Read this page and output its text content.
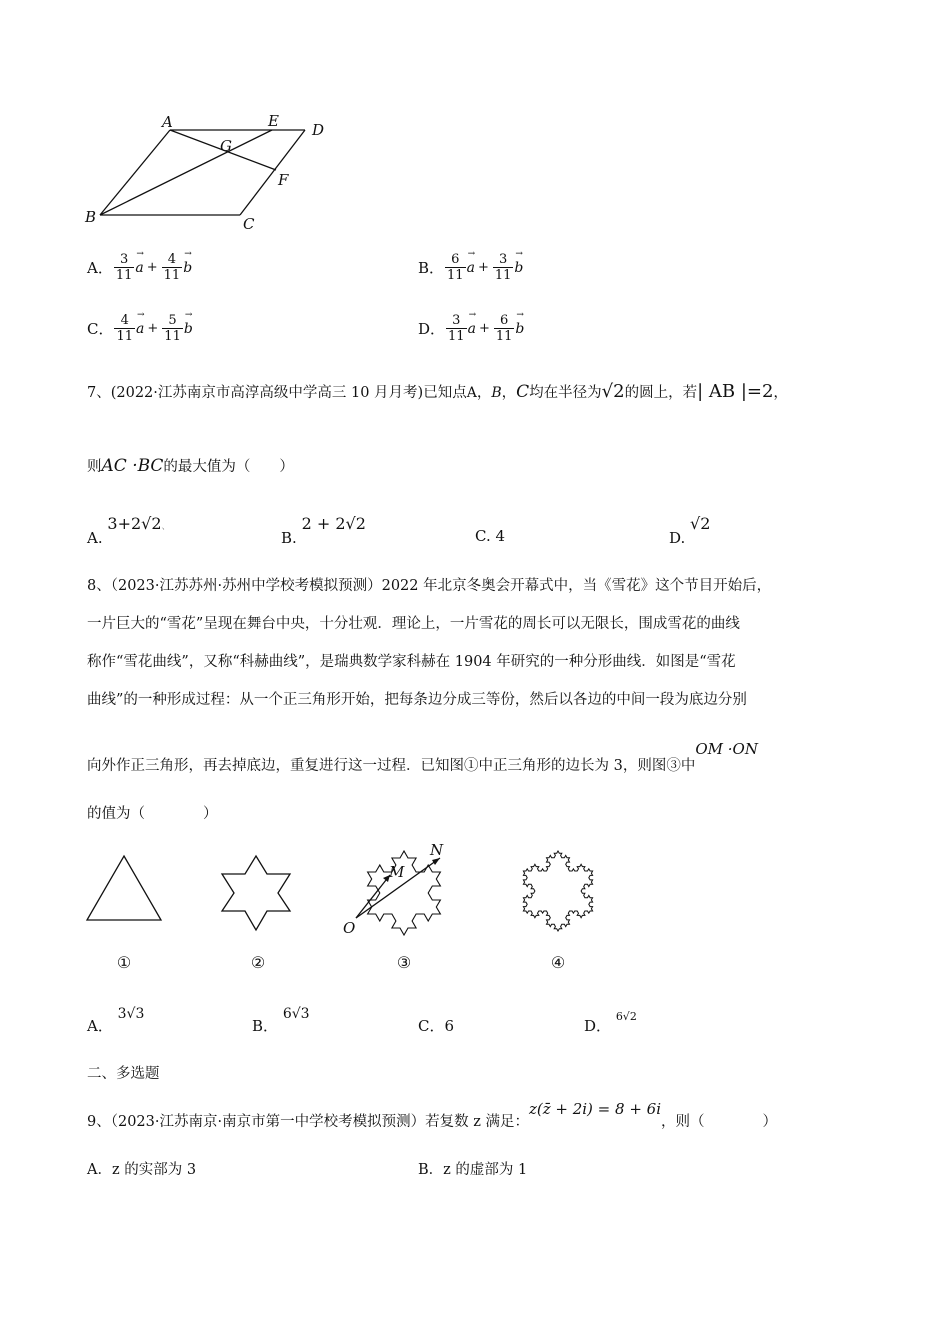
A	E D
G
F
B	C
A． $\frac{3}{11} \to a + \frac{4}{11} \to b$	B． $\frac{6}{11} \to a + \frac{3}{11} \to b$
C． $\frac{4}{11} \to a + \frac{5}{11} \to b$	D． $\frac{3}{11} \to a + \frac{6}{11} \to b$
7、(2022·江苏南京市高淳高级中学高三 10 月月考)已知点A，B，C均在半径为√2的圆上，若| AB |=2，
则AC ·BC的最大值为（　　）
A. 3+2√2、
B. 2 + 2√2
C. 4	D. √2
8、（2023·江苏苏州·苏州中学校考模拟预测）2022 年北京冬奥会开幕式中，当《雪花》这个节目开始后，
一片巨大的“雪花”呈现在舞台中央，十分壮观．理论上，一片雪花的周长可以无限长，围成雪花的曲线
称作“雪花曲线”，又称“科赫曲线”，是瑞典数学家科赫在 1904 年研究的一种分形曲线．如图是“雪花
曲线”的一种形成过程：从一个正三角形开始，把每条边分成三等份，然后以各边的中间一段为底边分别
向外作正三角形，再去掉底边，重复进行这一过程．已知图①中正三角形的边长为 3，则图③中OM ·ON
的值为（　　　　）
O
M
N
①	②	③	④
A． 3√3
B． 6√3
C．6	D． 6√2
二、多选题
9、（2023·江苏南京·南京市第一中学校考模拟预测）若复数 z 满足：z(z̄ + 2i) = 8 + 6i，则（　　　　）
A．z 的实部为 3	B．z 的虚部为 1
